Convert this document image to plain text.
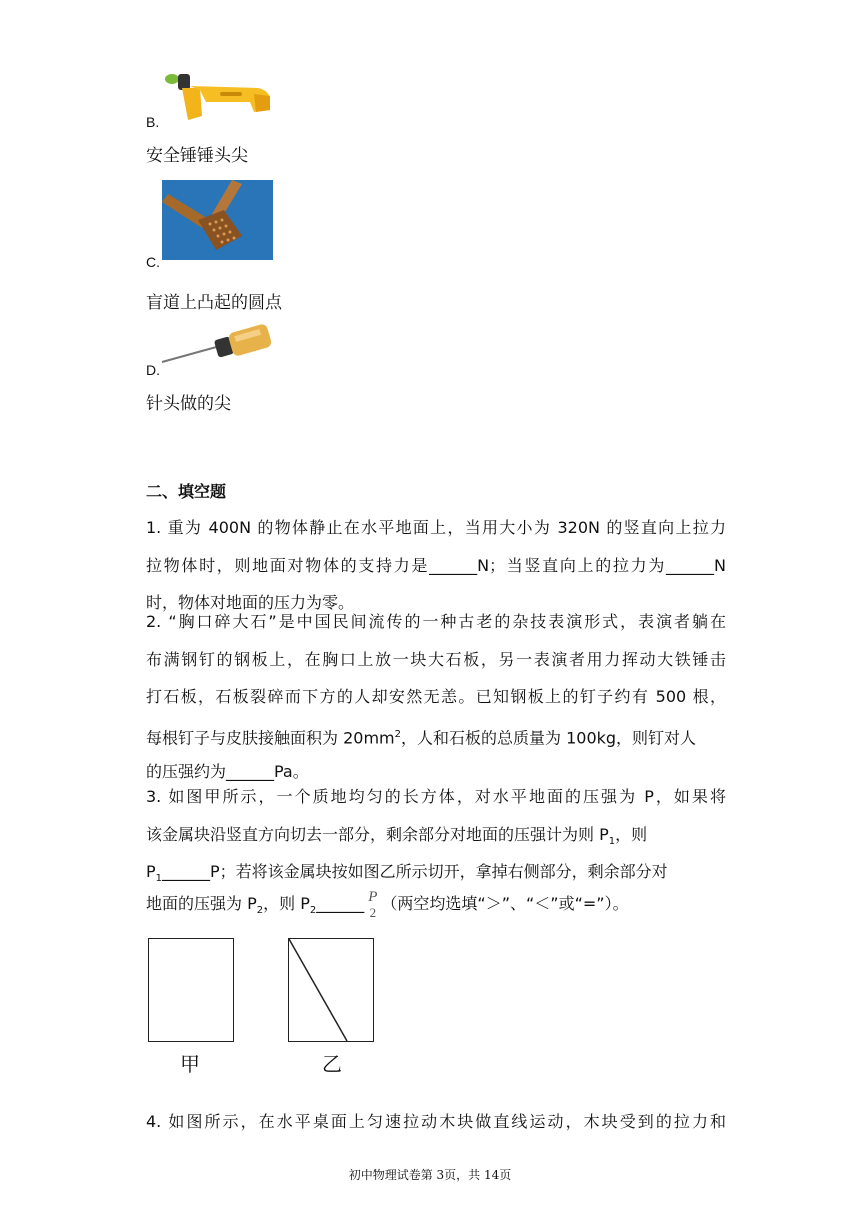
B.
安全锤锤头尖
C.
盲道上凸起的圆点
D.
针头做的尖
二、填空题
1. 重为 400N 的物体静止在水平地面上，当用大小为 320N 的竖直向上拉力
拉物体时，则地面对物体的支持力是______N；当竖直向上的拉力为______N
时，物体对地面的压力为零。
2. “胸口碎大石”是中国民间流传的一种古老的杂技表演形式，表演者躺在
布满钢钉的钢板上，在胸口上放一块大石板，另一表演者用力挥动大铁锤击
打石板，石板裂碎而下方的人却安然无恙。已知钢板上的钉子约有 500 根，
每根钉子与皮肤接触面积为 $20mm^2$，人和石板的总质量为 100kg，则钉对人
的压强约为______Pa。
3. 如图甲所示，一个质地均匀的长方体，对水平地面的压强为 P，如果将
该金属块沿竖直方向切去一部分，剩余部分对地面的压强计为则 $P_1$，则
$P_1\_\_\_\_\_\_P$；若将该金属块按如图乙所示切开，拿掉右侧部分，剩余部分对
地面的压强为 $P_2$，则 $P_2\_\_\_\_\_\_$ P
2 （两空均选填“＞”、“＜”或“=”）。
甲	乙
4. 如图所示，在水平桌面上匀速拉动木块做直线运动，木块受到的拉力和
初中物理试卷第 3页，共 14页
